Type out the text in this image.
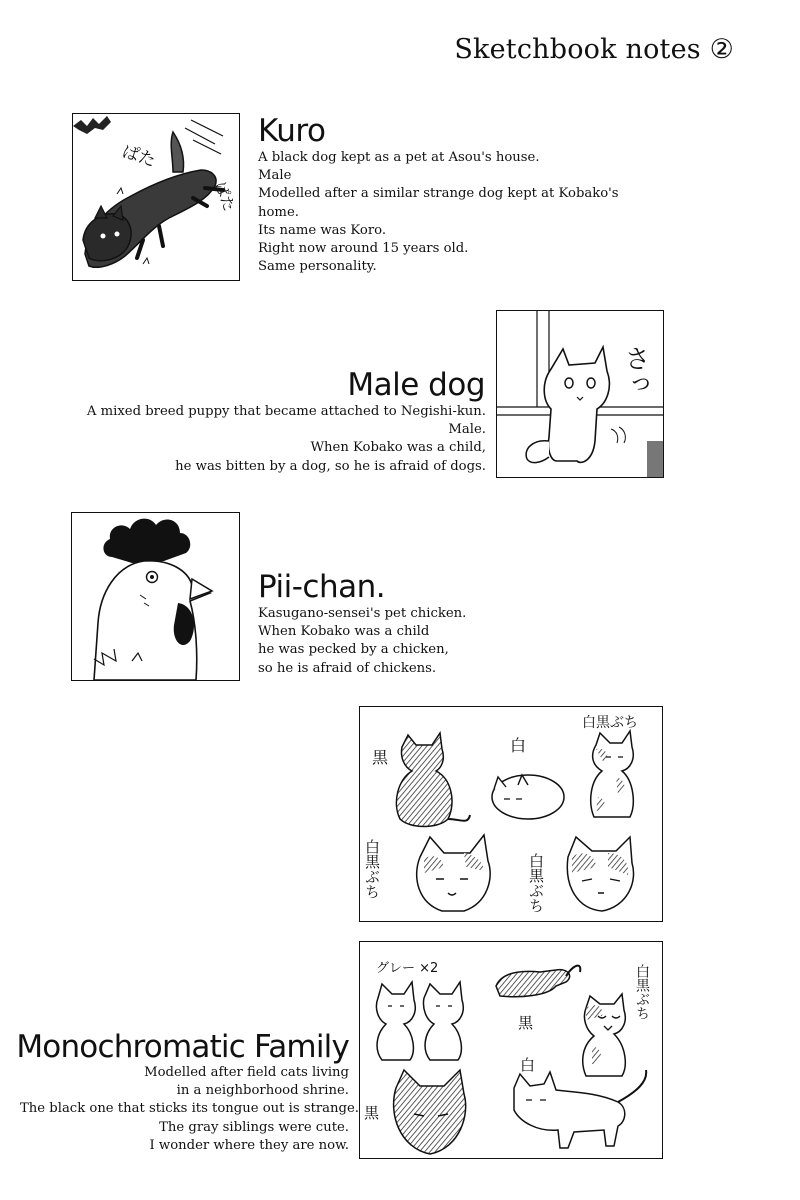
Sketchbook notes ②
ぱた
ぱた
Kuro
A black dog kept as a pet at Asou's house.
Male
Modelled after a similar strange dog kept at Kobako's
home.
Its name was Koro.
Right now around 15 years old.
Same personality.
さっ
Male dog
A mixed breed puppy that became attached to Negishi-kun.
Male.
When Kobako was a child,
he was bitten by a dog, so he is afraid of dogs.
Pii-chan.
Kasugano-sensei's pet chicken.
When Kobako was a child
he was pecked by a chicken,
so he is afraid of chickens.
黒
白
白黒ぶち
白黒ぶち	白黒ぶち
グレー ×2	白黒ぶち
黒
白
黒
Monochromatic Family
Modelled after field cats living
in a neighborhood shrine.
The black one that sticks its tongue out is strange.
The gray siblings were cute.
I wonder where they are now.
